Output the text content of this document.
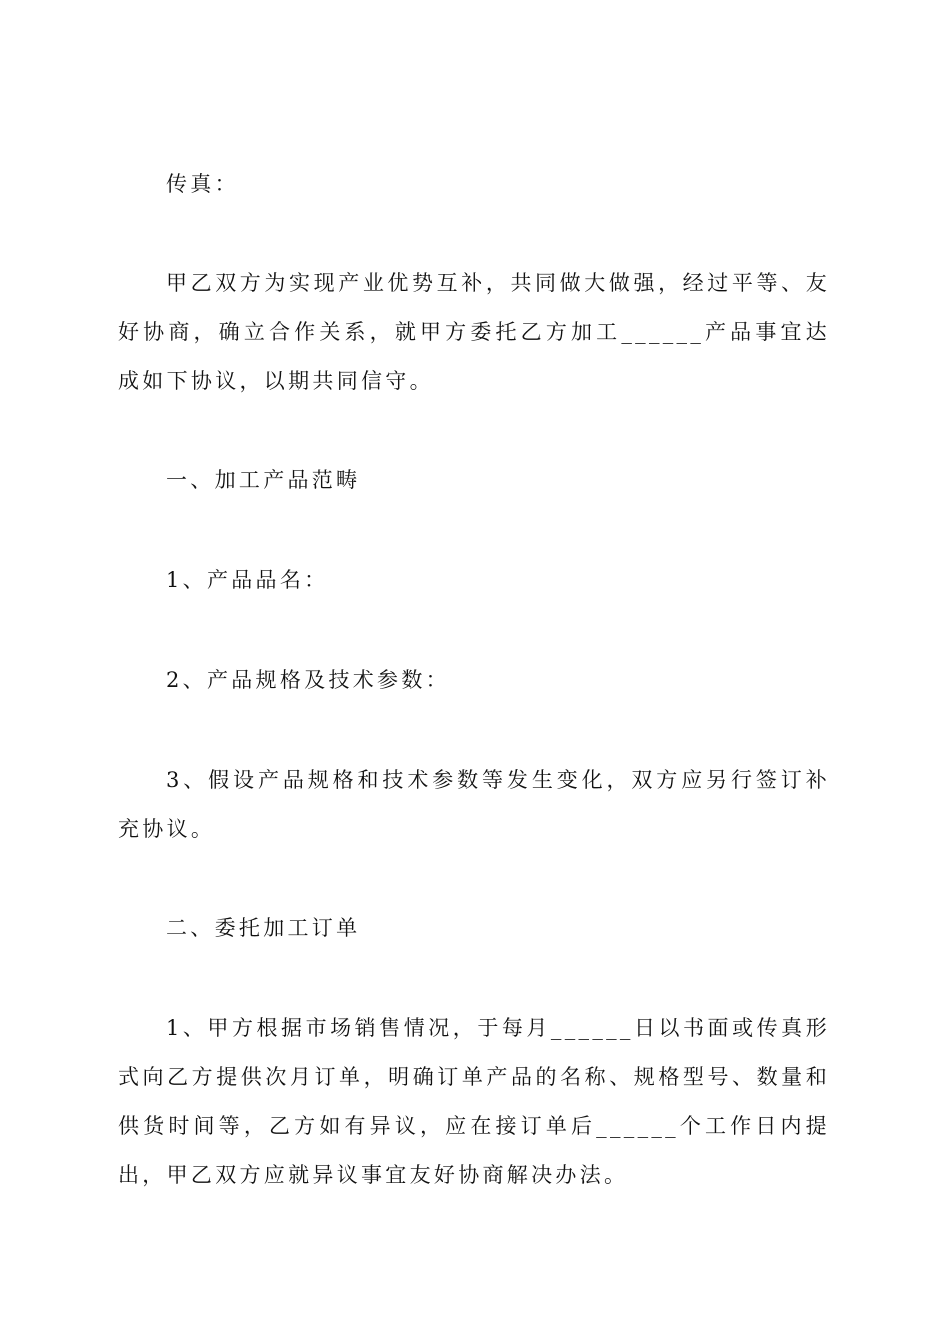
传真：

甲乙双方为实现产业优势互补，共同做大做强，经过平等、友好协商，确立合作关系，就甲方委托乙方加工______产品事宜达成如下协议，以期共同信守。

一、加工产品范畴

1、产品品名：

2、产品规格及技术参数：

3、假设产品规格和技术参数等发生变化，双方应另行签订补充协议。

二、委托加工订单

1、甲方根据市场销售情况，于每月______日以书面或传真形式向乙方提供次月订单，明确订单产品的名称、规格型号、数量和供货时间等，乙方如有异议，应在接订单后______个工作日内提出，甲乙双方应就异议事宜友好协商解决办法。
